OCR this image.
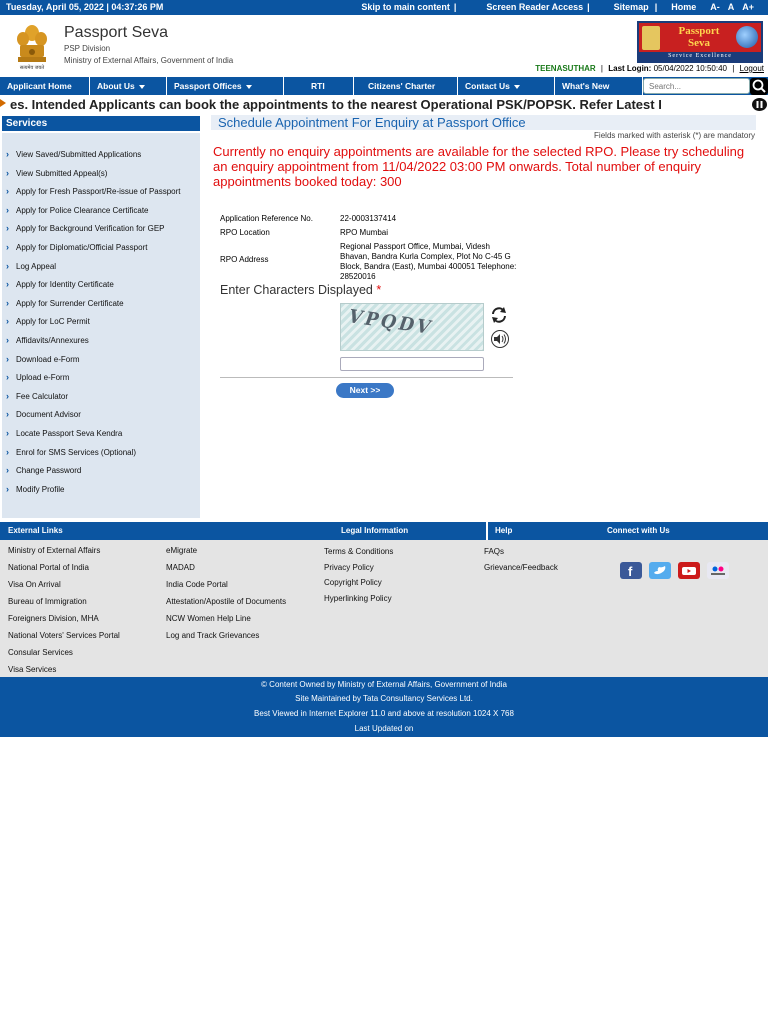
Tuesday, April 05, 2022 | 04:37:26 PM	Skip to main content |	Screen Reader Access |	Sitemap | Home A- A A+
सत्यमेव जयते
Passport Seva
PSP Division
Ministry of External Affairs, Government of India
Passport
Seva
Service Excellence
TEENASUTHAR | Last Login: 05/04/2022 10:50:40 | Logout
Applicant Home	About Us	Passport Offices	RTI	Citizens' Charter	Contact Us	What's New
Search...
es. Intended Applicants can book the appointments to the nearest Operational PSK/POPSK. Refer Latest I
Services
› View Saved/Submitted Applications
› View Submitted Appeal(s)
› Apply for Fresh Passport/Re-issue of Passport
› Apply for Police Clearance Certificate
› Apply for Background Verification for GEP
› Apply for Diplomatic/Official Passport
› Log Appeal
› Apply for Identity Certificate
› Apply for Surrender Certificate
› Apply for LoC Permit
› Affidavits/Annexures
› Download e-Form
› Upload e-Form
› Fee Calculator
› Document Advisor
› Locate Passport Seva Kendra
› Enrol for SMS Services (Optional)
› Change Password
› Modify Profile
Schedule Appointment For Enquiry at Passport Office
Fields marked with asterisk (*) are mandatory
Currently no enquiry appointments are available for the selected RPO. Please try scheduling an enquiry appointment from 11/04/2022 03:00 PM onwards. Total number of enquiry appointments booked today: 300
Application Reference No.	22-0003137414
RPO Location	RPO Mumbai
RPO Address
Regional Passport Office, Mumbai, Videsh Bhavan, Bandra Kurla Complex, Plot No C-45 G Block, Bandra (East), Mumbai 400051 Telephone: 28520016
Enter Characters Displayed *
VPQDV
Next >>
External Links	Legal Information	Help	Connect with Us
Ministry of External Affairs
National Portal of India
Visa On Arrival
Bureau of Immigration
Foreigners Division, MHA
National Voters' Services Portal
Consular Services
Visa Services
eMigrate
MADAD
India Code Portal
Attestation/Apostile of Documents
NCW Women Help Line
Log and Track Grievances
Terms & Conditions
Privacy Policy
Copyright Policy
Hyperlinking Policy
FAQs
Grievance/Feedback	f
© Content Owned by Ministry of External Affairs, Government of India
Site Maintained by Tata Consultancy Services Ltd.
Best Viewed in Internet Explorer 11.0 and above at resolution 1024 X 768
Last Updated on
